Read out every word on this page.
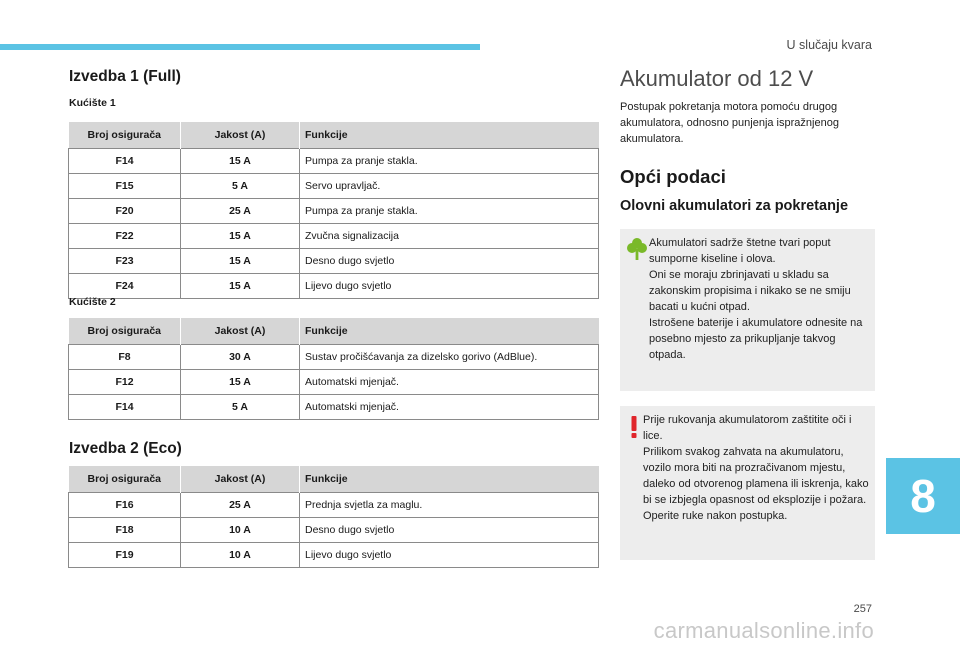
U slučaju kvara
8
257
carmanualsonline.info
Izvedba 1 (Full)
Kućište 1
Broj osigurača	Jakost (A)	Funkcije
F14	15 A	Pumpa za pranje stakla.
F15	5 A	Servo upravljač.
F20	25 A	Pumpa za pranje stakla.
F22	15 A	Zvučna signalizacija
F23	15 A	Desno dugo svjetlo
F24	15 A	Lijevo dugo svjetlo
Kućište 2
Broj osigurača	Jakost (A)	Funkcije
F8	30 A	Sustav pročišćavanja za dizelsko gorivo (AdBlue).
F12	15 A	Automatski mjenjač.
F14	5 A	Automatski mjenjač.
Izvedba 2 (Eco)
Broj osigurača	Jakost (A)	Funkcije
F16	25 A	Prednja svjetla za maglu.
F18	10 A	Desno dugo svjetlo
F19	10 A	Lijevo dugo svjetlo
Akumulator od 12 V

Postupak pokretanja motora pomoću drugog akumulatora, odnosno punjenja ispražnjenog akumulatora.

Opći podaci
Olovni akumulatori za pokretanje

Akumulatori sadrže štetne tvari poput sumporne kiseline i olova.

Oni se moraju zbrinjavati u skladu sa zakonskim propisima i nikako se ne smiju bacati u kućni otpad.

Istrošene baterije i akumulatore odnesite na posebno mjesto za prikupljanje takvog otpada.

Prije rukovanja akumulatorom zaštitite oči i lice.

Prilikom svakog zahvata na akumulatoru, vozilo mora biti na prozračivanom mjestu, daleko od otvorenog plamena ili iskrenja, kako bi se izbjegla opasnost od eksplozije i požara.

Operite ruke nakon postupka.
